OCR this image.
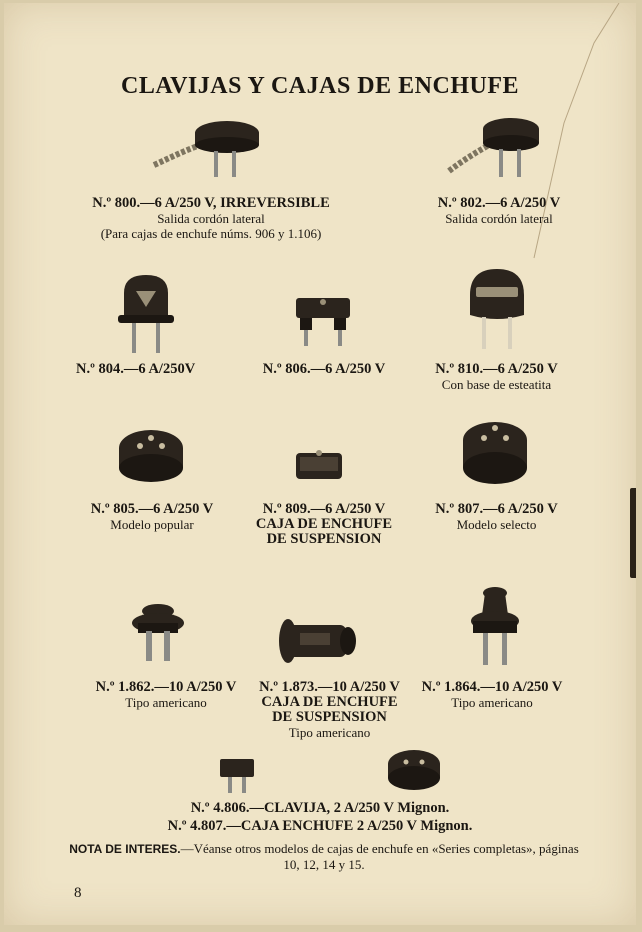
CLAVIJAS Y CAJAS DE ENCHUFE
N.º 800.—6 A/250 V, IRREVERSIBLE
Salida cordón lateral
(Para cajas de enchufe núms. 906 y 1.106)
N.º 802.—6 A/250 V
Salida cordón lateral
N.º 804.—6 A/250V	N.º 806.—6 A/250 V	N.º 810.—6 A/250 V
Con base de esteatita
N.º 805.—6 A/250 V
Modelo popular
N.º 809.—6 A/250 V
CAJA DE ENCHUFE
DE SUSPENSION
N.º 807.—6 A/250 V
Modelo selecto
N.º 1.862.—10 A/250 V
Tipo americano
N.º 1.873.—10 A/250 V
CAJA DE ENCHUFE
DE SUSPENSION
Tipo americano
N.º 1.864.—10 A/250 V
Tipo americano
N.º 4.806.—CLAVIJA, 2 A/250 V Mignon.
N.º 4.807.—CAJA ENCHUFE 2 A/250 V Mignon.
NOTA DE INTERES.—Véanse otros modelos de cajas de enchufe en «Series completas», páginas 10, 12, 14 y 15.
8
